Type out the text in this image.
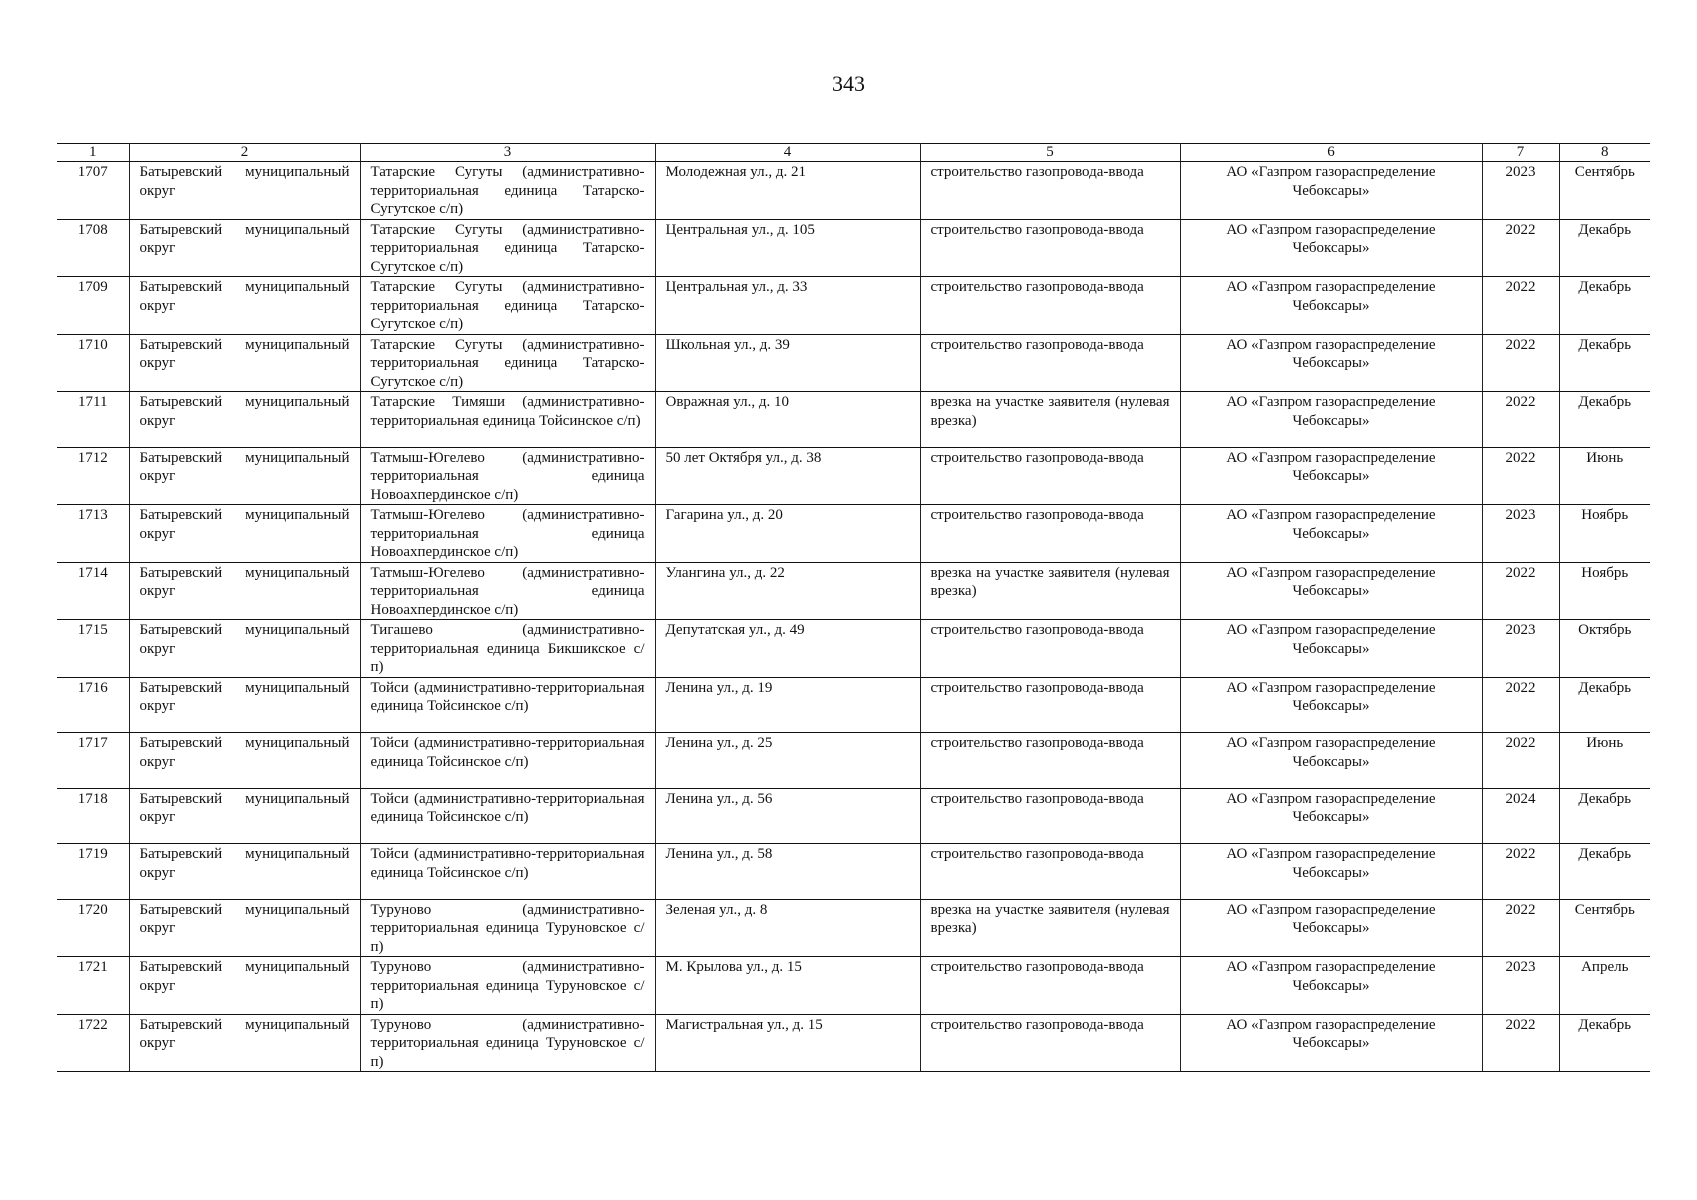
343
1	2	3	4	5	6	7	8
1707	Батыревский муниципальный округ	Татарские Сугуты (административно-территориальная единица Татарско-Сугутское с/п)	Молодежная ул., д. 21	строительство газопровода-ввода	АО «Газпром газораспределение Чебоксары»	2023	Сентябрь
1708	Батыревский муниципальный округ	Татарские Сугуты (административно-территориальная единица Татарско-Сугутское с/п)	Центральная ул., д. 105	строительство газопровода-ввода	АО «Газпром газораспределение Чебоксары»	2022	Декабрь
1709	Батыревский муниципальный округ	Татарские Сугуты (административно-территориальная единица Татарско-Сугутское с/п)	Центральная ул., д. 33	строительство газопровода-ввода	АО «Газпром газораспределение Чебоксары»	2022	Декабрь
1710	Батыревский муниципальный округ	Татарские Сугуты (административно-территориальная единица Татарско-Сугутское с/п)	Школьная ул., д. 39	строительство газопровода-ввода	АО «Газпром газораспределение Чебоксары»	2022	Декабрь
1711	Батыревский муниципальный округ	Татарские Тимяши (административно-территориальная единица Тойсинское с/п)	Овражная ул., д. 10	врезка на участке заявителя (нулевая врезка)	АО «Газпром газораспределение Чебоксары»	2022	Декабрь
1712	Батыревский муниципальный округ	Татмыш-Югелево (административно-территориальная единица Новоахпердинское с/п)	50 лет Октября ул., д. 38	строительство газопровода-ввода	АО «Газпром газораспределение Чебоксары»	2022	Июнь
1713	Батыревский муниципальный округ	Татмыш-Югелево (административно-территориальная единица Новоахпердинское с/п)	Гагарина ул., д. 20	строительство газопровода-ввода	АО «Газпром газораспределение Чебоксары»	2023	Ноябрь
1714	Батыревский муниципальный округ	Татмыш-Югелево (административно-территориальная единица Новоахпердинское с/п)	Улангина ул., д. 22	врезка на участке заявителя (нулевая врезка)	АО «Газпром газораспределение Чебоксары»	2022	Ноябрь
1715	Батыревский муниципальный округ	Тигашево (административно-территориальная единица Бикшикское с/п)	Депутатская ул., д. 49	строительство газопровода-ввода	АО «Газпром газораспределение Чебоксары»	2023	Октябрь
1716	Батыревский муниципальный округ	Тойси (административно-территориальная единица Тойсинское с/п)	Ленина ул., д. 19	строительство газопровода-ввода	АО «Газпром газораспределение Чебоксары»	2022	Декабрь
1717	Батыревский муниципальный округ	Тойси (административно-территориальная единица Тойсинское с/п)	Ленина ул., д. 25	строительство газопровода-ввода	АО «Газпром газораспределение Чебоксары»	2022	Июнь
1718	Батыревский муниципальный округ	Тойси (административно-территориальная единица Тойсинское с/п)	Ленина ул., д. 56	строительство газопровода-ввода	АО «Газпром газораспределение Чебоксары»	2024	Декабрь
1719	Батыревский муниципальный округ	Тойси (административно-территориальная единица Тойсинское с/п)	Ленина ул., д. 58	строительство газопровода-ввода	АО «Газпром газораспределение Чебоксары»	2022	Декабрь
1720	Батыревский муниципальный округ	Туруново (административно-территориальная единица Туруновское с/п)	Зеленая ул., д. 8	врезка на участке заявителя (нулевая врезка)	АО «Газпром газораспределение Чебоксары»	2022	Сентябрь
1721	Батыревский муниципальный округ	Туруново (административно-территориальная единица Туруновское с/п)	М. Крылова ул., д. 15	строительство газопровода-ввода	АО «Газпром газораспределение Чебоксары»	2023	Апрель
1722	Батыревский муниципальный округ	Туруново (административно-территориальная единица Туруновское с/п)	Магистральная ул., д. 15	строительство газопровода-ввода	АО «Газпром газораспределение Чебоксары»	2022	Декабрь
